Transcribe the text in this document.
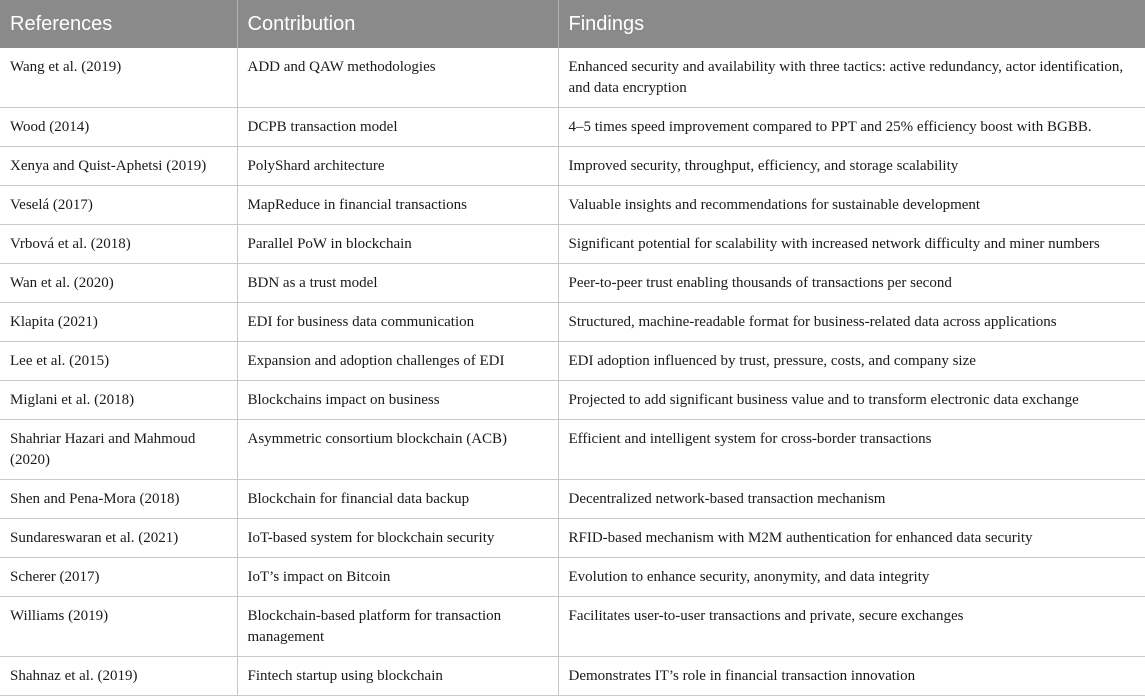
References	Contribution	Findings
Wang et al. (2019)	ADD and QAW methodologies	Enhanced security and availability with three tactics: active redundancy, actor identification, and data encryption
Wood (2014)	DCPB transaction model	4–5 times speed improvement compared to PPT and 25% efficiency boost with BGBB.
Xenya and Quist-Aphetsi (2019)	PolyShard architecture	Improved security, throughput, efficiency, and storage scalability
Veselá (2017)	MapReduce in financial transactions	Valuable insights and recommendations for sustainable development
Vrbová et al. (2018)	Parallel PoW in blockchain	Significant potential for scalability with increased network difficulty and miner numbers
Wan et al. (2020)	BDN as a trust model	Peer-to-peer trust enabling thousands of transactions per second
Klapita (2021)	EDI for business data communication	Structured, machine-readable format for business-related data across applications
Lee et al. (2015)	Expansion and adoption challenges of EDI	EDI adoption influenced by trust, pressure, costs, and company size
Miglani et al. (2018)	Blockchains impact on business	Projected to add significant business value and to transform electronic data exchange
Shahriar Hazari and Mahmoud (2020)	Asymmetric consortium blockchain (ACB)	Efficient and intelligent system for cross-border transactions
Shen and Pena-Mora (2018)	Blockchain for financial data backup	Decentralized network-based transaction mechanism
Sundareswaran et al. (2021)	IoT-based system for blockchain security	RFID-based mechanism with M2M authentication for enhanced data security
Scherer (2017)	IoT’s impact on Bitcoin	Evolution to enhance security, anonymity, and data integrity
Williams (2019)	Blockchain-based platform for transaction management	Facilitates user-to-user transactions and private, secure exchanges
Shahnaz et al. (2019)	Fintech startup using blockchain	Demonstrates IT’s role in financial transaction innovation
